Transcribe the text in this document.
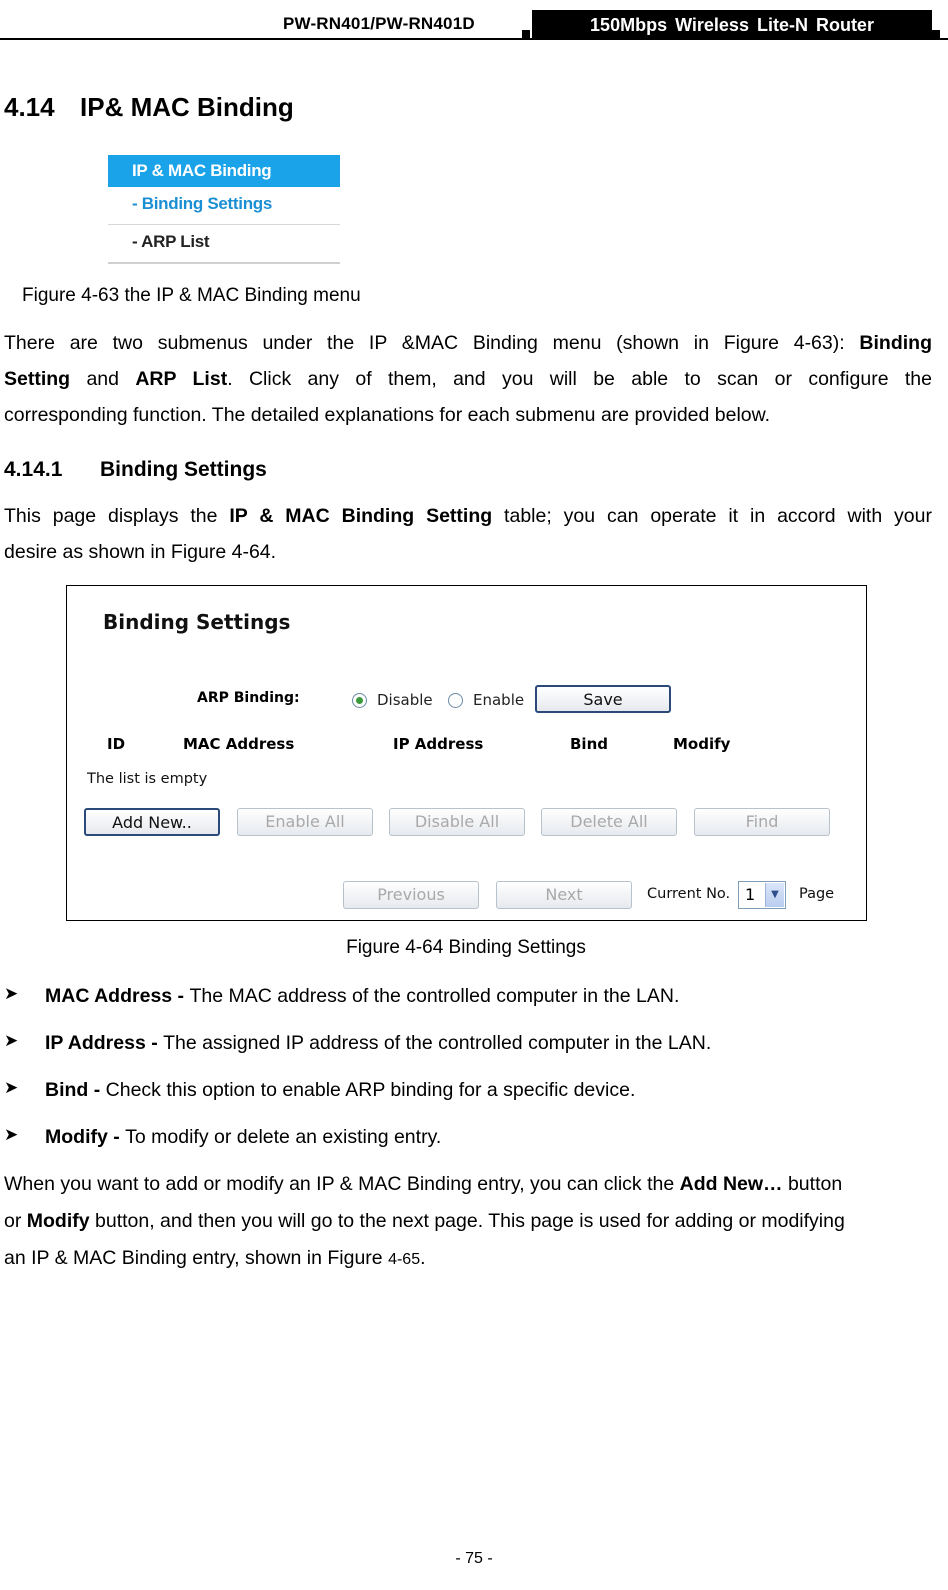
PW-RN401/PW-RN401D	150Mbps Wireless Lite-N Router
4.14 IP& MAC Binding
IP & MAC Binding
- Binding Settings
- ARP List
Figure 4-63 the IP & MAC Binding menu
There are two submenus under the IP &MAC Binding menu (shown in Figure 4-63): Binding
Setting and ARP List. Click any of them, and you will be able to scan or configure the
corresponding function. The detailed explanations for each submenu are provided below.
4.14.1 Binding Settings
This page displays the IP & MAC Binding Setting table; you can operate it in accord with your
desire as shown in Figure 4-64.
Binding Settings
ARP Binding:	Disable	Enable	Save
ID	MAC Address	IP Address	Bind	Modify
The list is empty
Add New..	Enable All	Disable All	Delete All	Find
Previous	Next	Current No. 1	▼	Page
Figure 4-64 Binding Settings
➤ MAC Address - The MAC address of the controlled computer in the LAN.
➤ IP Address - The assigned IP address of the controlled computer in the LAN.
➤ Bind - Check this option to enable ARP binding for a specific device.
➤ Modify - To modify or delete an existing entry.
When you want to add or modify an IP & MAC Binding entry, you can click the Add New… button
or Modify button, and then you will go to the next page. This page is used for adding or modifying
an IP & MAC Binding entry, shown in Figure 4-65.
- 75 -
